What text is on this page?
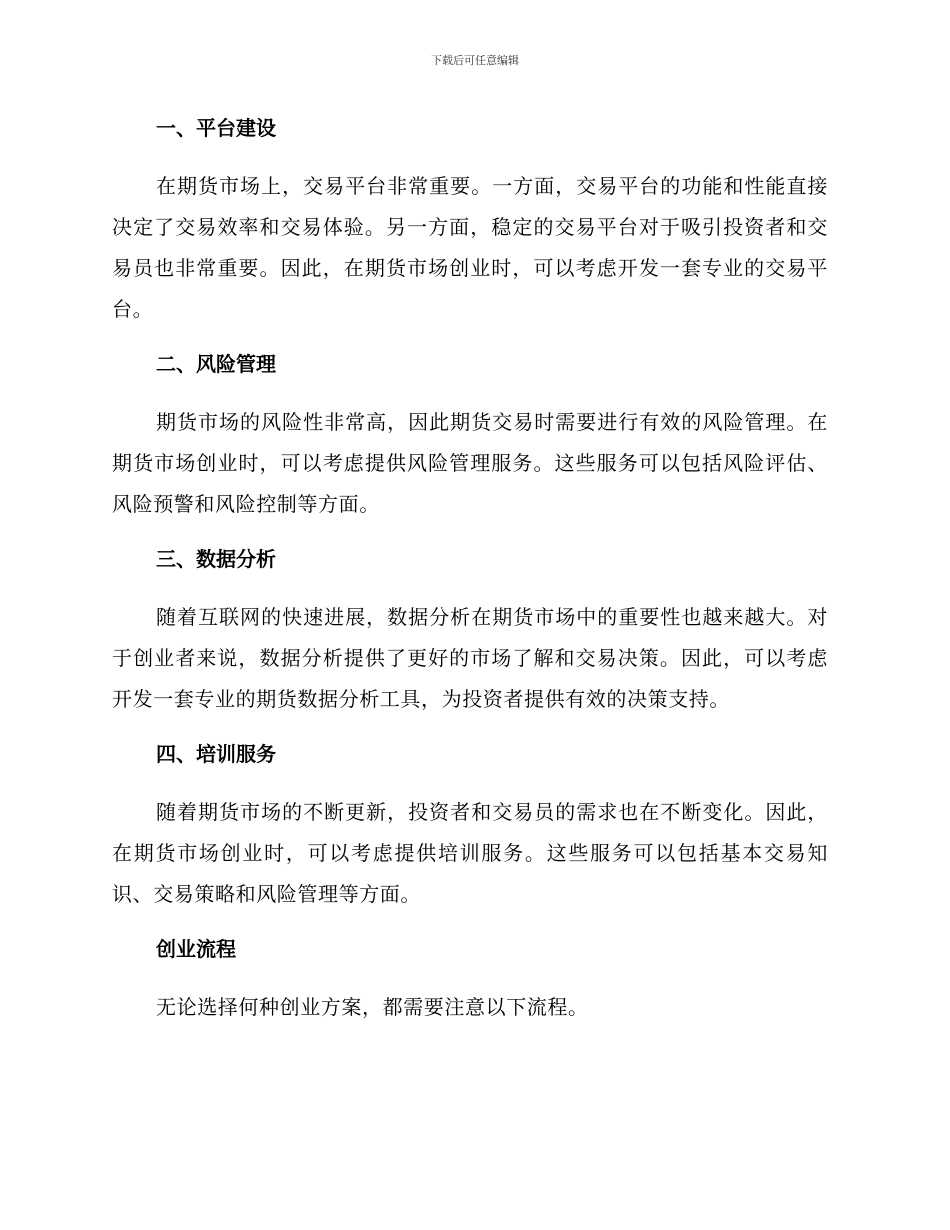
下载后可任意编辑
一、平台建设

在期货市场上，交易平台非常重要。一方面，交易平台的功能和性能直接决定了交易效率和交易体验。另一方面，稳定的交易平台对于吸引投资者和交易员也非常重要。因此，在期货市场创业时，可以考虑开发一套专业的交易平台。

二、风险管理

期货市场的风险性非常高，因此期货交易时需要进行有效的风险管理。在期货市场创业时，可以考虑提供风险管理服务。这些服务可以包括风险评估、风险预警和风险控制等方面。

三、数据分析

随着互联网的快速进展，数据分析在期货市场中的重要性也越来越大。对于创业者来说，数据分析提供了更好的市场了解和交易决策。因此，可以考虑开发一套专业的期货数据分析工具，为投资者提供有效的决策支持。

四、培训服务

随着期货市场的不断更新，投资者和交易员的需求也在不断变化。因此，在期货市场创业时，可以考虑提供培训服务。这些服务可以包括基本交易知识、交易策略和风险管理等方面。

创业流程

无论选择何种创业方案，都需要注意以下流程。
